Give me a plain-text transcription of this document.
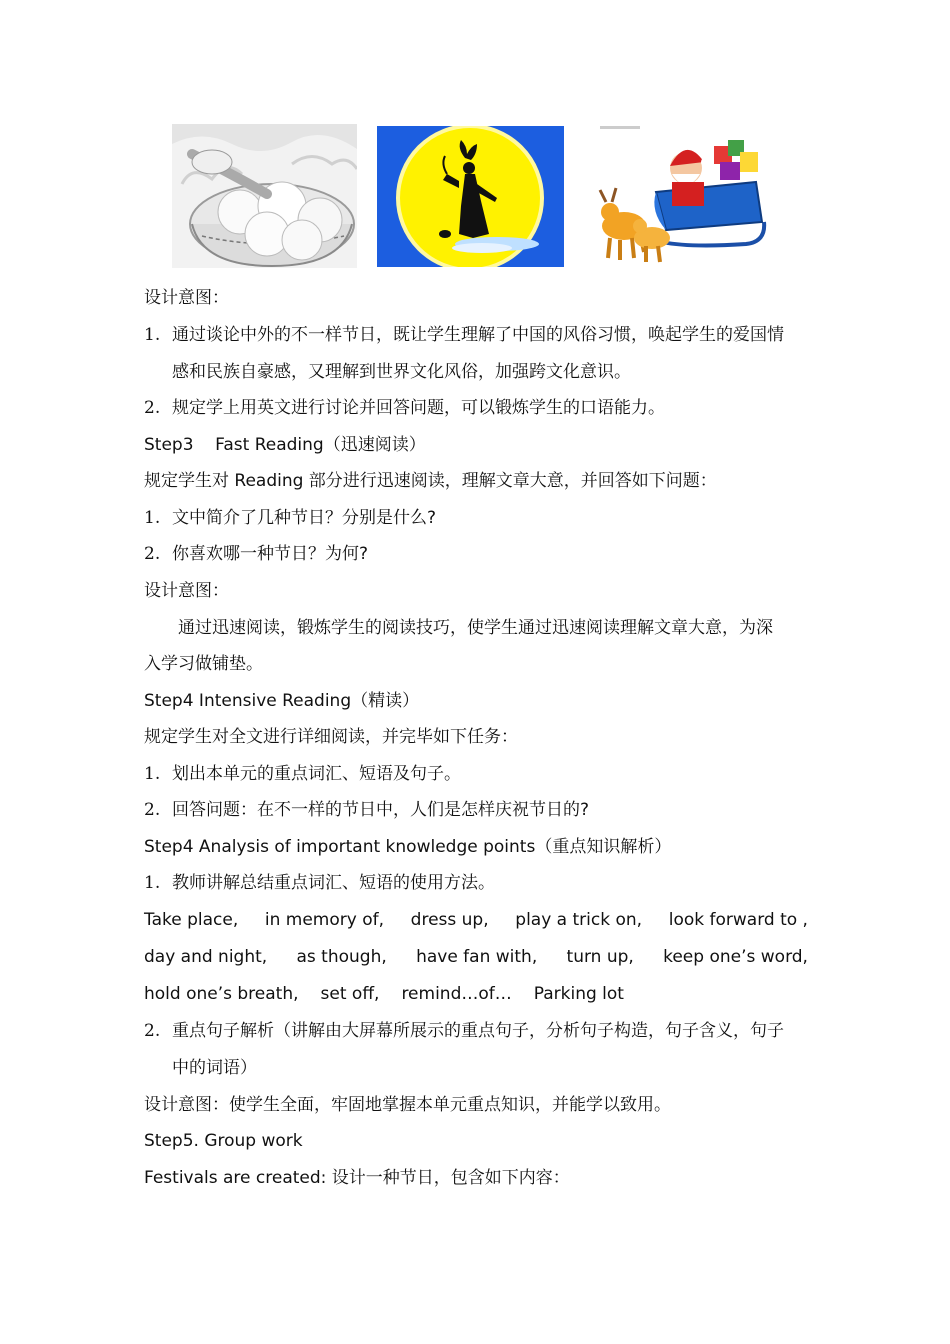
设计意图：
1. 通过谈论中外的不一样节日，既让学生理解了中国的风俗习惯，唤起学生的爱国情
感和民族自豪感，又理解到世界文化风俗，加强跨文化意识。
2. 规定学上用英文进行讨论并回答问题，可以锻炼学生的口语能力。
Step3    Fast Reading（迅速阅读）
规定学生对 Reading 部分进行迅速阅读，理解文章大意，并回答如下问题：
1. 文中简介了几种节日？分别是什么?
2. 你喜欢哪一种节日？为何?
设计意图：
通过迅速阅读，锻炼学生的阅读技巧，使学生通过迅速阅读理解文章大意，为深
入学习做铺垫。
Step4 Intensive Reading（精读）
规定学生对全文进行详细阅读，并完毕如下任务：
1. 划出本单元的重点词汇、短语及句子。
2. 回答问题：在不一样的节日中，人们是怎样庆祝节日的?
Step4 Analysis of important knowledge points（重点知识解析）
1. 教师讲解总结重点词汇、短语的使用方法。
Take place, in memory of, dress up, play a trick on, look forward to ,
day and night, as though, have fan with, turn up, keep one’s word,
hold one’s breath, set off, remind…of… Parking lot
2. 重点句子解析（讲解由大屏幕所展示的重点句子，分析句子构造，句子含义，句子
中的词语）
设计意图：使学生全面，牢固地掌握本单元重点知识，并能学以致用。
Step5. Group work
Festivals are created: 设计一种节日，包含如下内容：
